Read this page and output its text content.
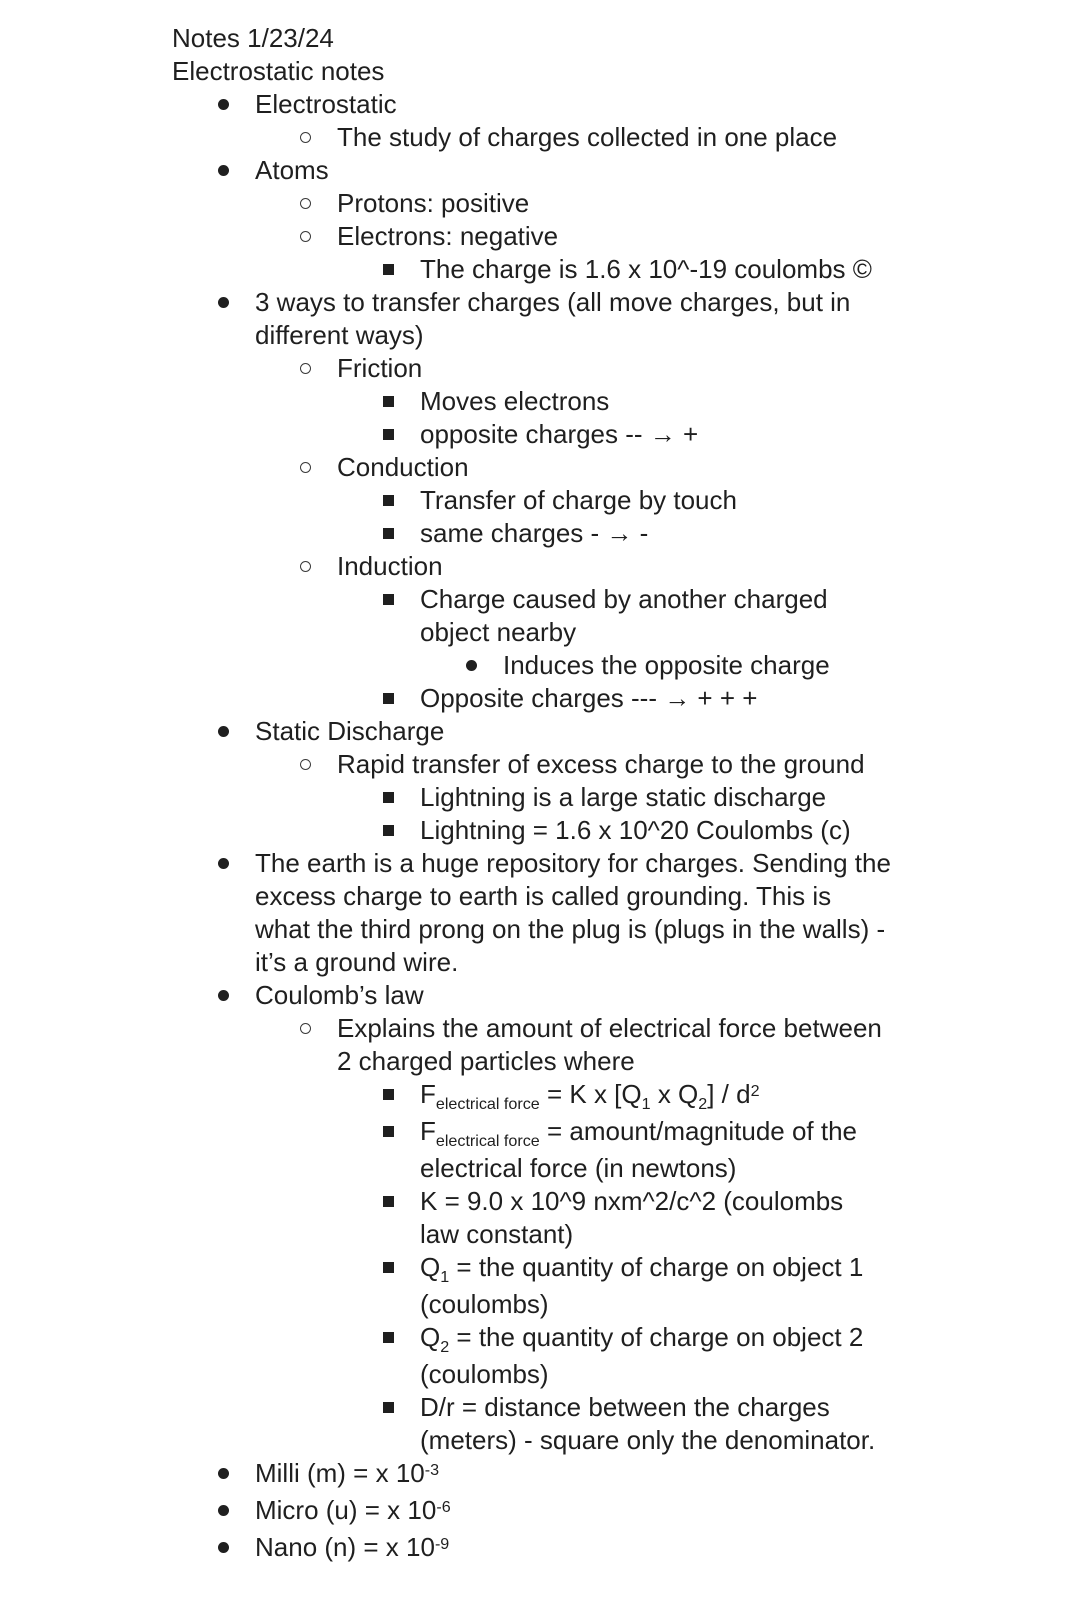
Notes 1/23/24
Electrostatic notes
Electrostatic
The study of charges collected in one place
Atoms
Protons: positive
Electrons: negative
The charge is 1.6 x 10^-19 coulombs ©
3 ways to transfer charges (all move charges, but in
different ways)
Friction
Moves electrons
opposite charges -- → +
Conduction
Transfer of charge by touch
same charges - → -
Induction
Charge caused by another charged
object nearby
Induces the opposite charge
Opposite charges --- → + + +
Static Discharge
Rapid transfer of excess charge to the ground
Lightning is a large static discharge
Lightning = 1.6 x 10^20 Coulombs (c)
The earth is a huge repository for charges. Sending the
excess charge to earth is called grounding. This is
what the third prong on the plug is (plugs in the walls) -
it’s a ground wire.
Coulomb’s law
Explains the amount of electrical force between
2 charged particles where
$F_{electrical force} = K$ x [$Q_1$ x $Q_2] / d^2$
$F_{electrical force}$ = amount/magnitude of the
electrical force (in newtons)
K = 9.0 x 10^9 nxm^2/c^2 (coulombs
law constant)
$Q_1$ = the quantity of charge on object 1
(coulombs)
$Q_2$ = the quantity of charge on object 2
(coulombs)
D/r = distance between the charges
(meters) - square only the denominator.
Milli (m) = x $10^{-3}$
Micro (u) = x $10^{-6}$
Nano (n) = x $10^{-9}$
